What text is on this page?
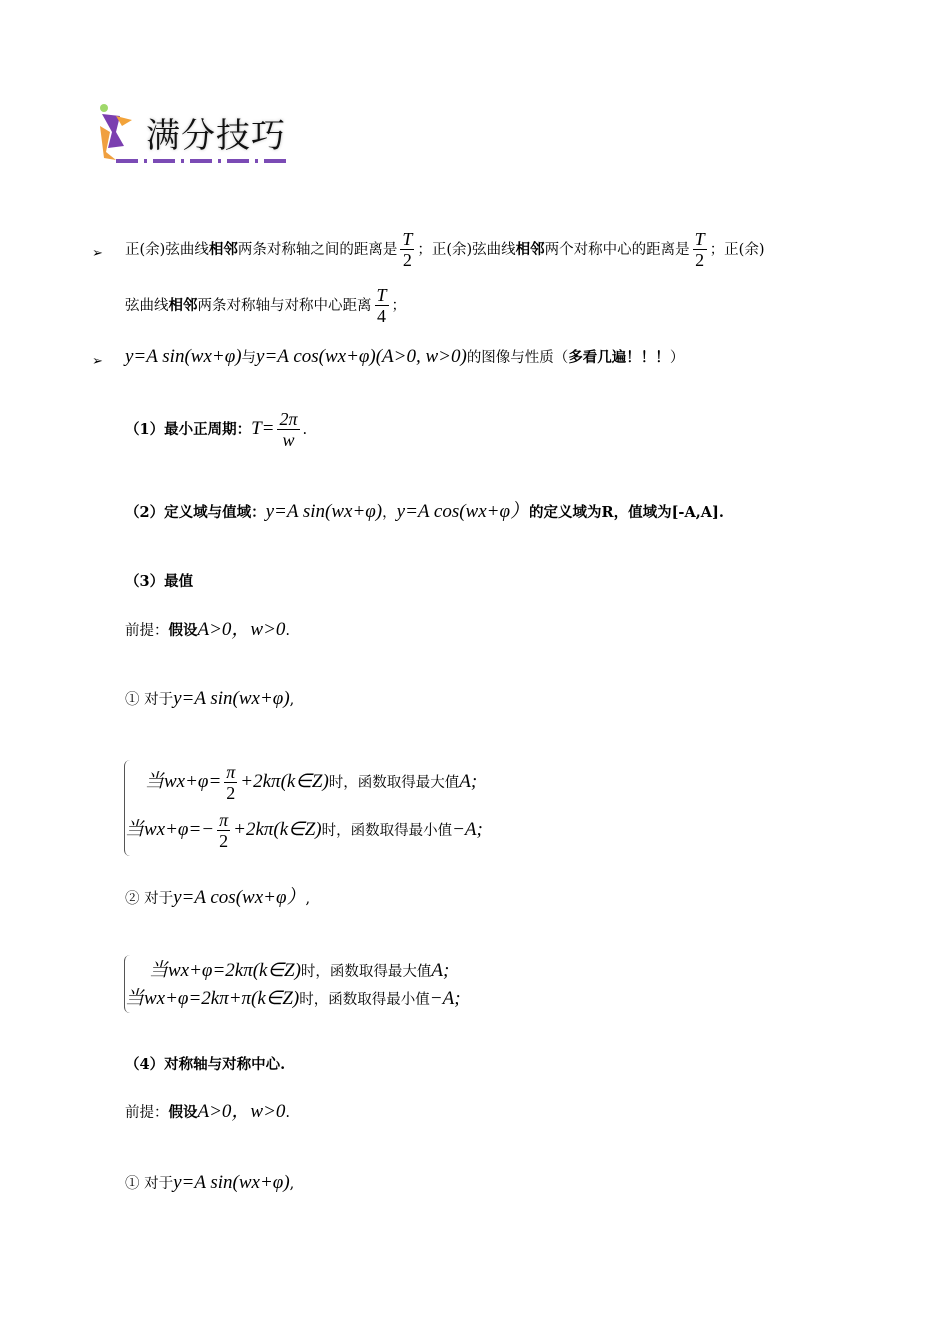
满分技巧
➢ 正(余)弦曲线 相邻 两条对称轴之间的距离是 $\frac{T}{2}$ ；正(余)弦曲线 相邻 两个对称中心的距离是 $\frac{T}{2}$ ；正(余)
弦曲线 相邻 两条对称轴与对称中心距离 $\frac{T}{4}$ ；
➢ y=A sin(wx+φ) 与 y=A cos(wx+φ)(A>0, w>0) 的图像与性质（ 多看几遍！！！ ）
（1）最小正周期： $T= \frac{2\pi}{w}$ .
（2）定义域与值域： y=A sin(wx+φ) ， y=A cos(wx+φ） 的定义域为R，值域为[-A,A].
（3）最值
前提： 假设 A>0，w>0 .
① 对于 y=A sin(wx+φ) ,
当$wx+\varphi= \frac{\pi}{2}$ +2kπ(k∈Z) 时，函数取得最大值 A;
当$wx+\varphi=- \frac{\pi}{2}$ +2kπ(k∈Z) 时，函数取得最小值 −A;
② 对于 y=A cos(wx+φ） ,
当wx+φ=2kπ(k∈Z) 时，函数取得最大值 A;
当wx+φ=2kπ+π(k∈Z) 时，函数取得最小值 −A;
（4）对称轴与对称中心.
前提： 假设 A>0，w>0 .
① 对于 y=A sin(wx+φ) ,
